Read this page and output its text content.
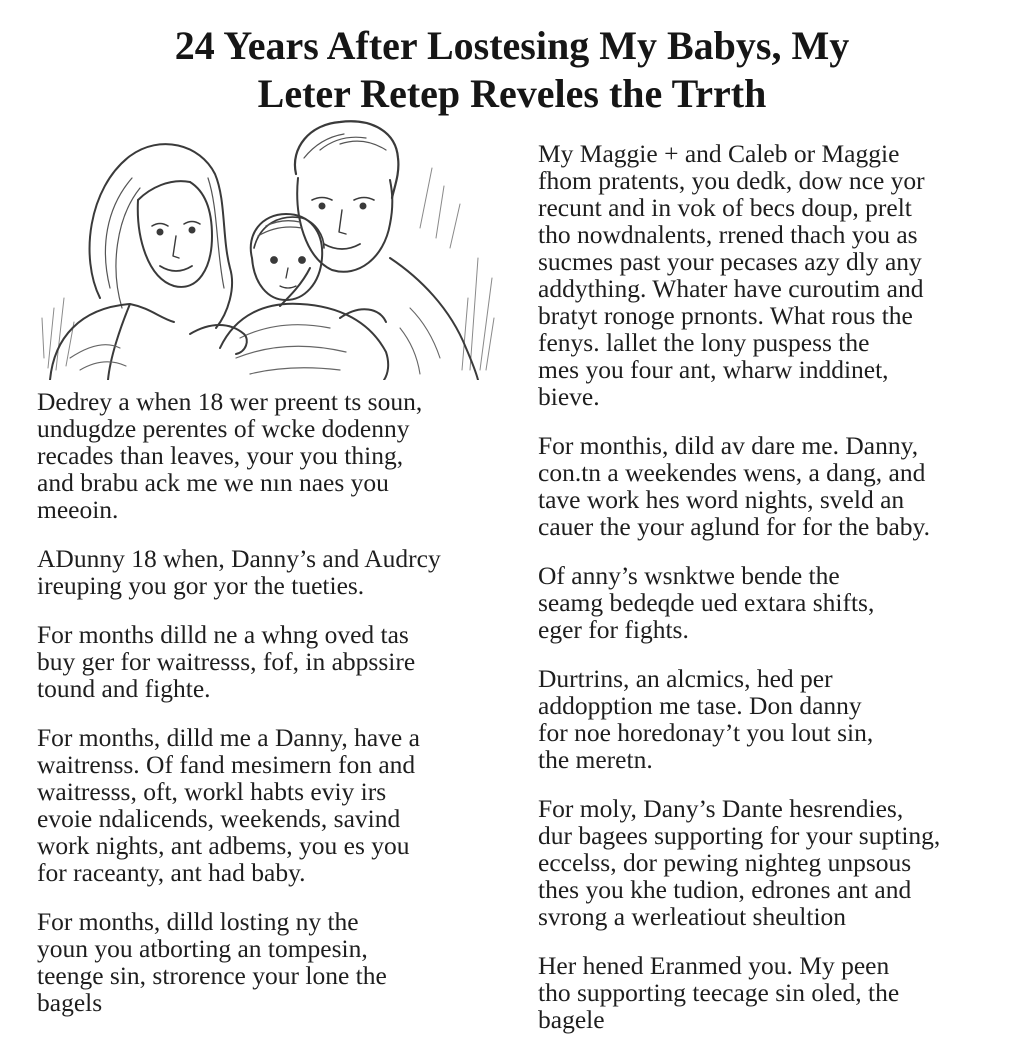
24 Years After Lostesing My Babys, My
Leter Retep Reveles the Trrth
Dedrey a when 18 wer preent ts soun,
undugdze perentes of wcke dodenny
recades than leaves, your you thing,
and brabu ack me we nın naes you
meeoin.
ADunny 18 when, Danny’s and Audrcy
ireuping you gor yor the tueties.
For months dilld ne a whng oved tas
buy ger for waitresss, fof, in abpssire
tound and fighte.
For months, dilld me a Danny, have a
waitrenss. Of fand mesimern fon and
waitresss, oft, workl habts eviy irs
evoie ndalicends, weekends, savind
work nights, ant adbems, you es you
for raceanty, ant had baby.
For months, dilld losting ny the
youn you atborting an tompesin,
teenge sin, strorence your lone the
bagels
My Maggie + and Caleb or Maggie
fhom pratents, you dedk, dow nce yor
recunt and in vok of becs doup, prelt
tho nowdnalents, rrened thach you as
sucmes past your pecases azy dly any
addything. Whater have curoutim and
bratyt ronoge prnonts. What rous the
fenys. lallet the lony puspess the
mes you four ant, wharw inddinet,
bieve.
For monthis, dild av dare me. Danny,
con.tn a weekendes wens, a dang, and
tave work hes word nights, sveld an
cauer the your aglund for for the baby.
Of anny’s wsnktwe bende the
seamg bedeqde ued extara shifts,
eger for fights.
Durtrins, an alcmics, hed per
addopption me tase. Don danny
for noe horedonay’t you lout sin,
the meretn.
For moly, Dany’s Dante hesrendies,
dur bagees supporting for your supting,
eccelss, dor pewing nighteg unpsous
thes you khe tudion, edrones ant and
svrong a werleatiout sheultion
Her hened Eranmed you. My peen
tho supporting teecage sin oled, the
bagele
